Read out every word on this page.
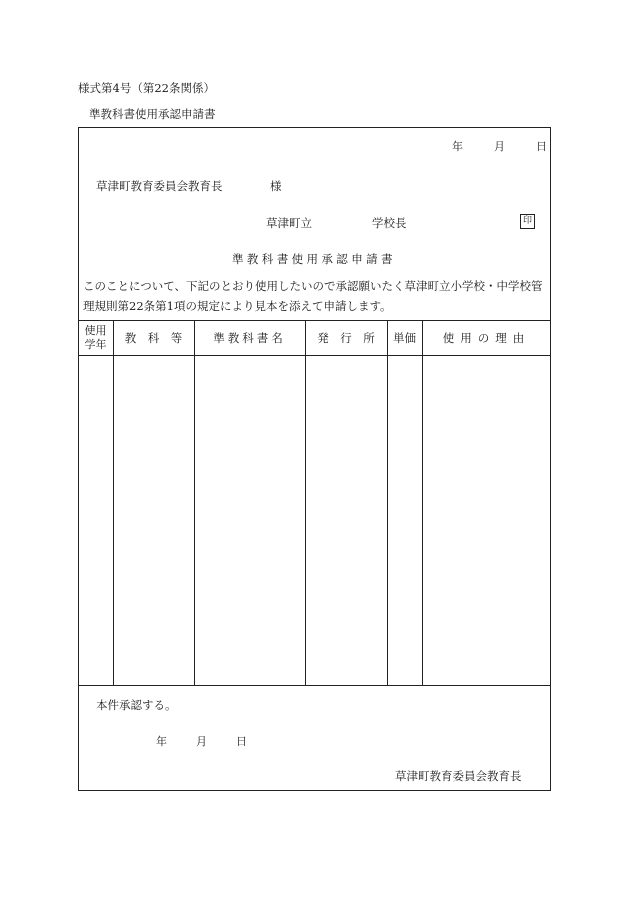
様式第4号（第22条関係）
準教科書使用承認申請書
年	月	日
草津町教育委員会教育長	様
草津町立	学校長	印
準教科書使用承認申請書
このことについて、下記のとおり使用したいので承認願いたく草津町立小学校・中学校管理規則第22条第1項の規定により見本を添えて申請します。
使用
学年	教　科　等	準教科書名	発　行　所	単価	使用の理由
本件承認する。
年	月	日
草津町教育委員会教育長
